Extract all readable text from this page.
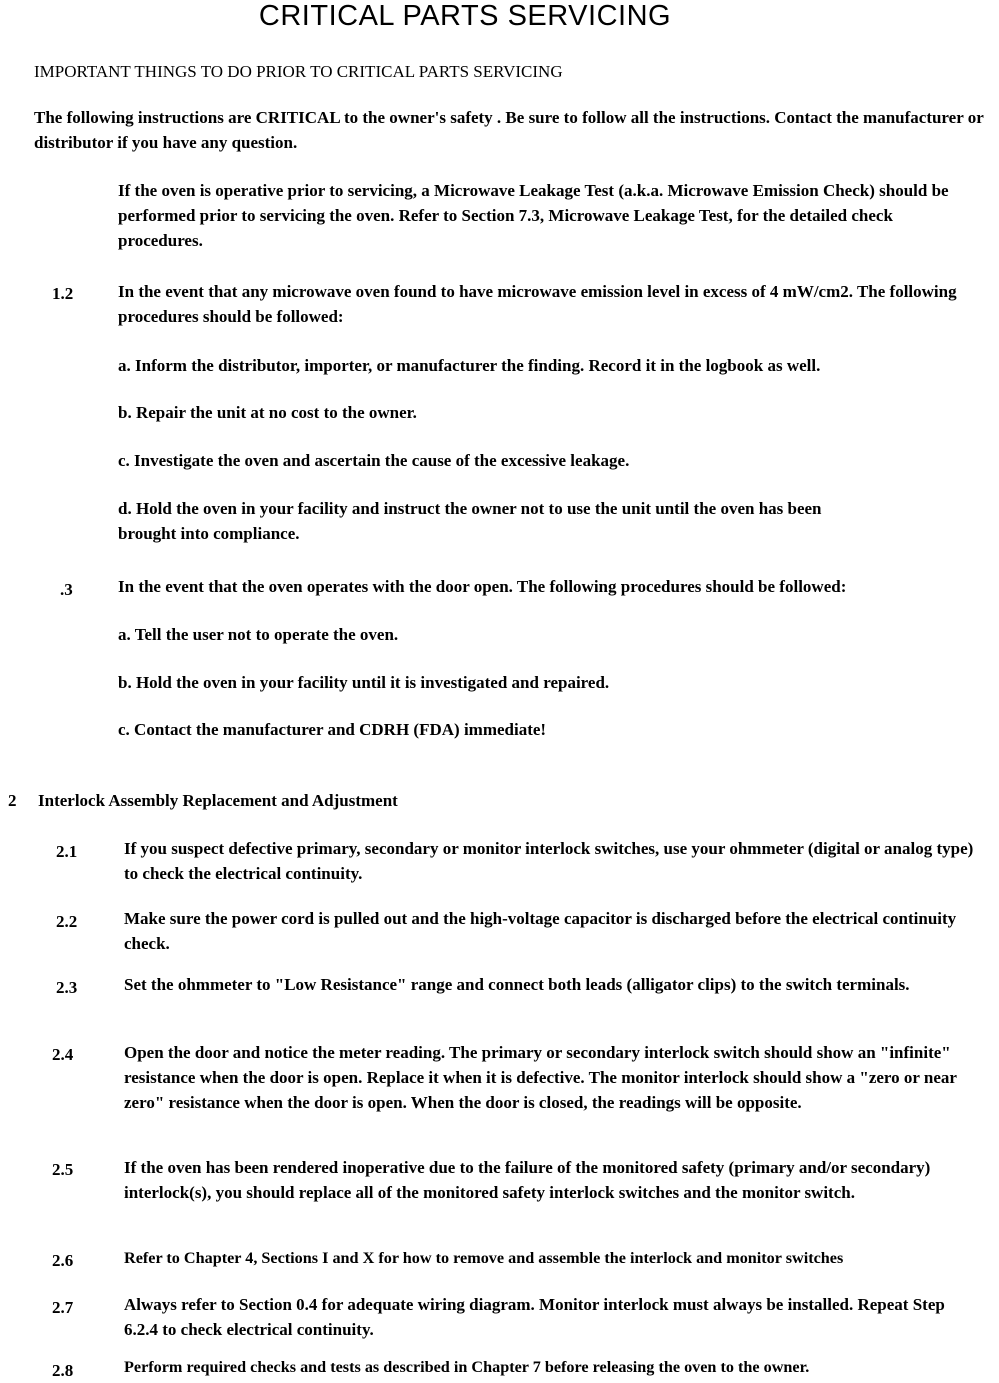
CRITICAL PARTS SERVICING
IMPORTANT THINGS TO DO PRIOR TO CRITICAL PARTS SERVICING
The following instructions are CRITICAL to the owner's safety . Be sure to follow all the instructions. Contact the manufacturer or distributor if you have any question.
If the oven is operative prior to servicing, a Microwave Leakage Test (a.k.a. Microwave Emission Check) should be performed prior to servicing the oven. Refer to Section 7.3, Microwave Leakage Test, for the detailed check procedures.
1.2	In the event that any microwave oven found to have microwave emission level in excess of 4 mW/cm2. The following procedures should be followed:
a. Inform the distributor, importer, or manufacturer the finding. Record it in the logbook as well.
b. Repair the unit at no cost to the owner.
c. Investigate the oven and ascertain the cause of the excessive leakage.
d. Hold the oven in your facility and instruct the owner not to use the unit until the oven has been brought into compliance.
.3	In the event that the oven operates with the door open. The following procedures should be followed:
a. Tell the user not to operate the oven.
b. Hold the oven in your facility until it is investigated and repaired.
c. Contact the manufacturer and CDRH (FDA) immediate!
2	Interlock Assembly Replacement and Adjustment
2.1	If you suspect defective primary, secondary or monitor interlock switches, use your ohmmeter (digital or analog type) to check the electrical continuity.
2.2	Make sure the power cord is pulled out and the high-voltage capacitor is discharged before the electrical continuity check.
2.3	Set the ohmmeter to "Low Resistance" range and connect both leads (alligator clips) to the switch terminals.
2.4	Open the door and notice the meter reading. The primary or secondary interlock switch should show an "infinite" resistance when the door is open. Replace it when it is defective. The monitor interlock should show a "zero or near zero" resistance when the door is open. When the door is closed, the readings will be opposite.
2.5	If the oven has been rendered inoperative due to the failure of the monitored safety (primary and/or secondary) interlock(s), you should replace all of the monitored safety interlock switches and the monitor switch.
2.6	Refer to Chapter 4, Sections I and X for how to remove and assemble the interlock and monitor switches
2.7	Always refer to Section 0.4 for adequate wiring diagram. Monitor interlock must always be installed. Repeat Step 6.2.4 to check electrical continuity.
2.8	Perform required checks and tests as described in Chapter 7 before releasing the oven to the owner.
